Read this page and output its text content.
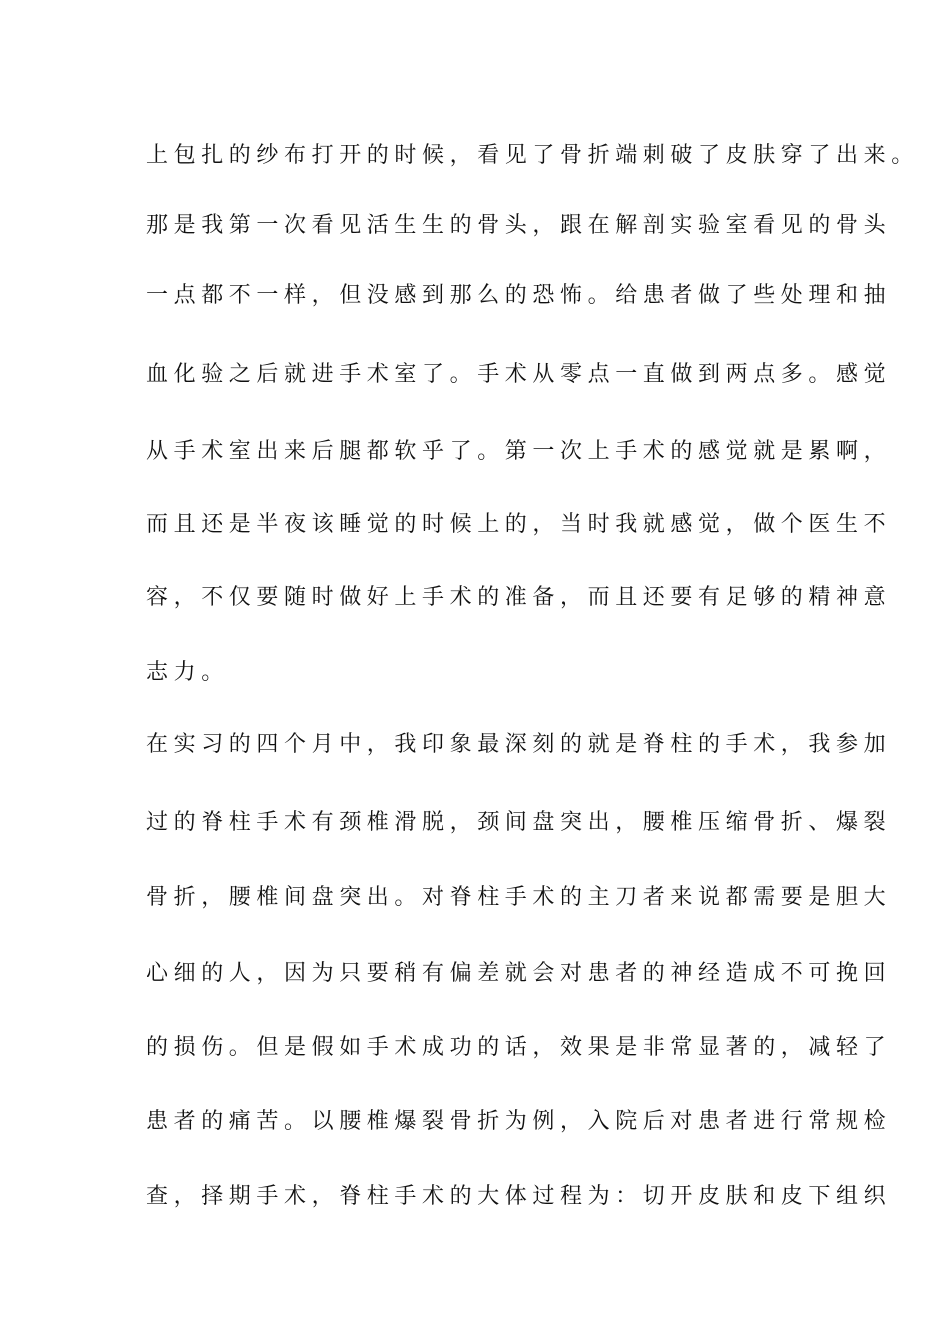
上包扎的纱布打开的时候，看见了骨折端刺破了皮肤穿了出来。
那是我第一次看见活生生的骨头，跟在解剖实验室看见的骨头
一点都不一样，但没感到那么的恐怖。给患者做了些处理和抽
血化验之后就进手术室了。手术从零点一直做到两点多。感觉
从手术室出来后腿都软乎了。第一次上手术的感觉就是累啊，
而且还是半夜该睡觉的时候上的，当时我就感觉，做个医生不
容，不仅要随时做好上手术的准备，而且还要有足够的精神意
志力。
在实习的四个月中，我印象最深刻的就是脊柱的手术，我参加
过的脊柱手术有颈椎滑脱，颈间盘突出，腰椎压缩骨折、爆裂
骨折，腰椎间盘突出。对脊柱手术的主刀者来说都需要是胆大
心细的人，因为只要稍有偏差就会对患者的神经造成不可挽回
的损伤。但是假如手术成功的话，效果是非常显著的，减轻了
患者的痛苦。以腰椎爆裂骨折为例，入院后对患者进行常规检
查，择期手术，脊柱手术的大体过程为：切开皮肤和皮下组织
